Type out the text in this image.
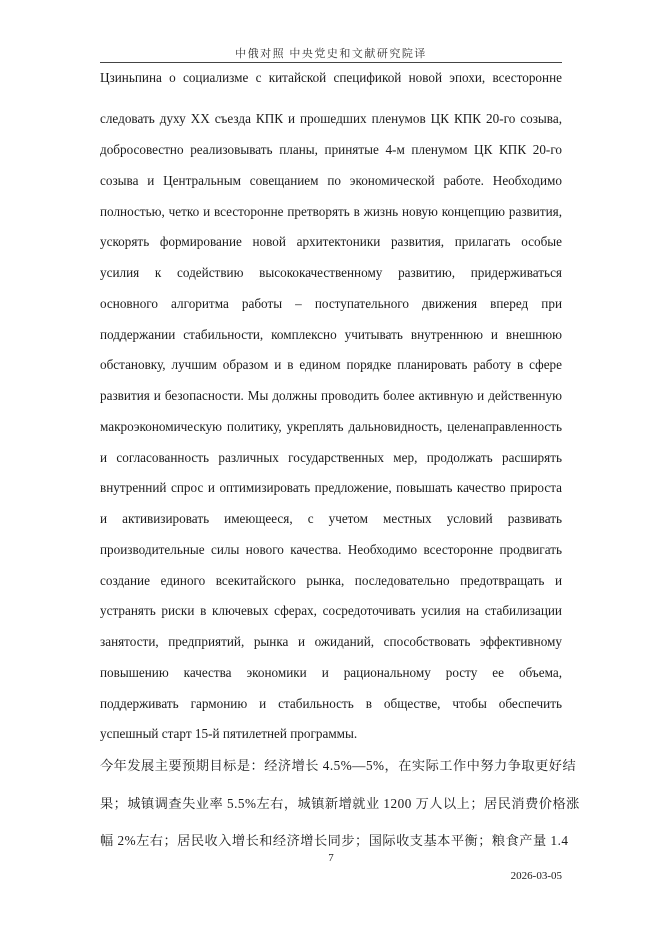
中俄对照 中央党史和文献研究院译
Цзиньпина о социализме с китайской спецификой новой эпохи, всесторонне
следовать духу XX съезда КПК и прошедших пленумов ЦК КПК 20-го созыва,
добросовестно реализовывать планы, принятые 4-м пленумом ЦК КПК 20-го
созыва и Центральным совещанием по экономической работе. Необходимо
полностью, четко и всесторонне претворять в жизнь новую концепцию развития,
ускорять формирование новой архитектоники развития, прилагать особые
усилия к содействию высококачественному развитию, придерживаться
основного алгоритма работы – поступательного движения вперед при
поддержании стабильности, комплексно учитывать внутреннюю и внешнюю
обстановку, лучшим образом и в едином порядке планировать работу в сфере
развития и безопасности. Мы должны проводить более активную и действенную
макроэкономическую политику, укреплять дальновидность, целенаправленность
и согласованность различных государственных мер, продолжать расширять
внутренний спрос и оптимизировать предложение, повышать качество прироста
и активизировать имеющееся, с учетом местных условий развивать
производительные силы нового качества. Необходимо всесторонне продвигать
создание единого всекитайского рынка, последовательно предотвращать и
устранять риски в ключевых сферах, сосредоточивать усилия на стабилизации
занятости, предприятий, рынка и ожиданий, способствовать эффективному
повышению качества экономики и рациональному росту ее объема,
поддерживать гармонию и стабильность в обществе, чтобы обеспечить
успешный старт 15-й пятилетней программы.
今年发展主要预期目标是：经济增长 4.5%—5%，在实际工作中努力争取更好结
果；城镇调查失业率 5.5%左右，城镇新增就业 1200 万人以上；居民消费价格涨
幅 2%左右；居民收入增长和经济增长同步；国际收支基本平衡；粮食产量 1.4
7
2026-03-05
